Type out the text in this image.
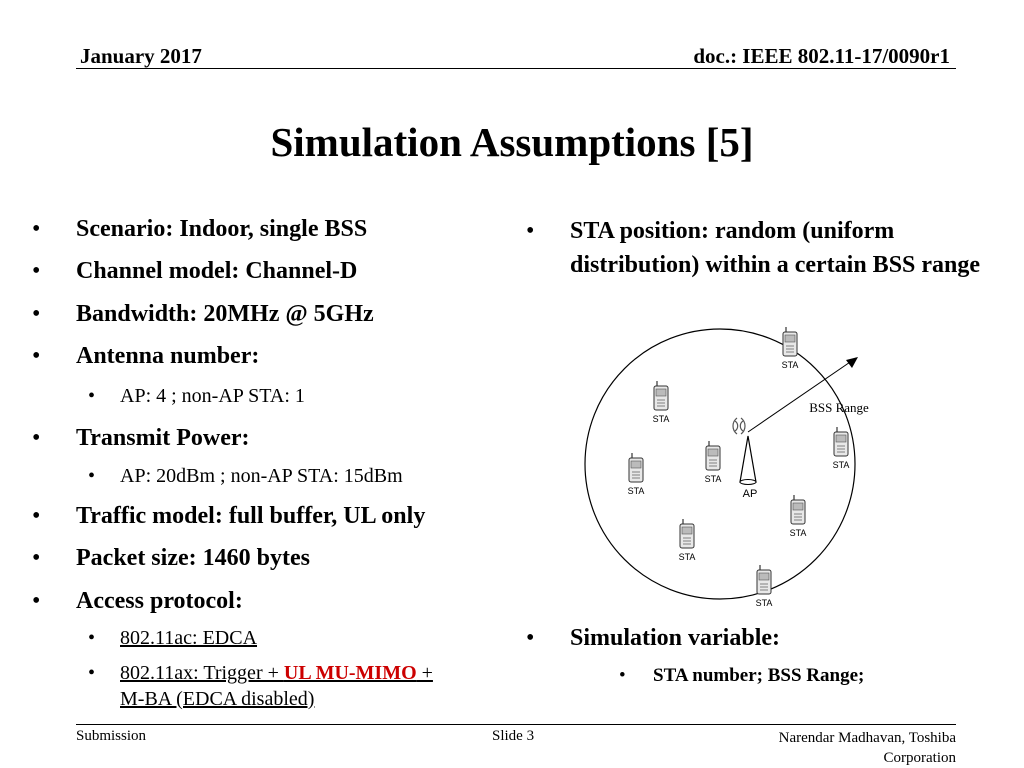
January 2017	doc.: IEEE 802.11-17/0090r1
Simulation Assumptions [5]
• Scenario: Indoor, single BSS
• Channel model: Channel-D
• Bandwidth: 20MHz @ 5GHz
• Antenna number:
• AP: 4 ; non-AP STA: 1
• Transmit Power:
• AP: 20dBm ; non-AP STA: 15dBm
• Traffic model: full buffer, UL only
• Packet size: 1460 bytes
• Access protocol:
• 802.11ac: EDCA
• 802.11ax: Trigger + UL MU-MIMO +
M-BA (EDCA disabled)
• STA position: random (uniform distribution) within a certain BSS range
BSS Range
AP
STA
STA
STA
STA
STA
STA
STA
STA
• Simulation variable:
• STA number; BSS Range;
Submission	Slide 3	Narendar Madhavan, Toshiba
Corporation
